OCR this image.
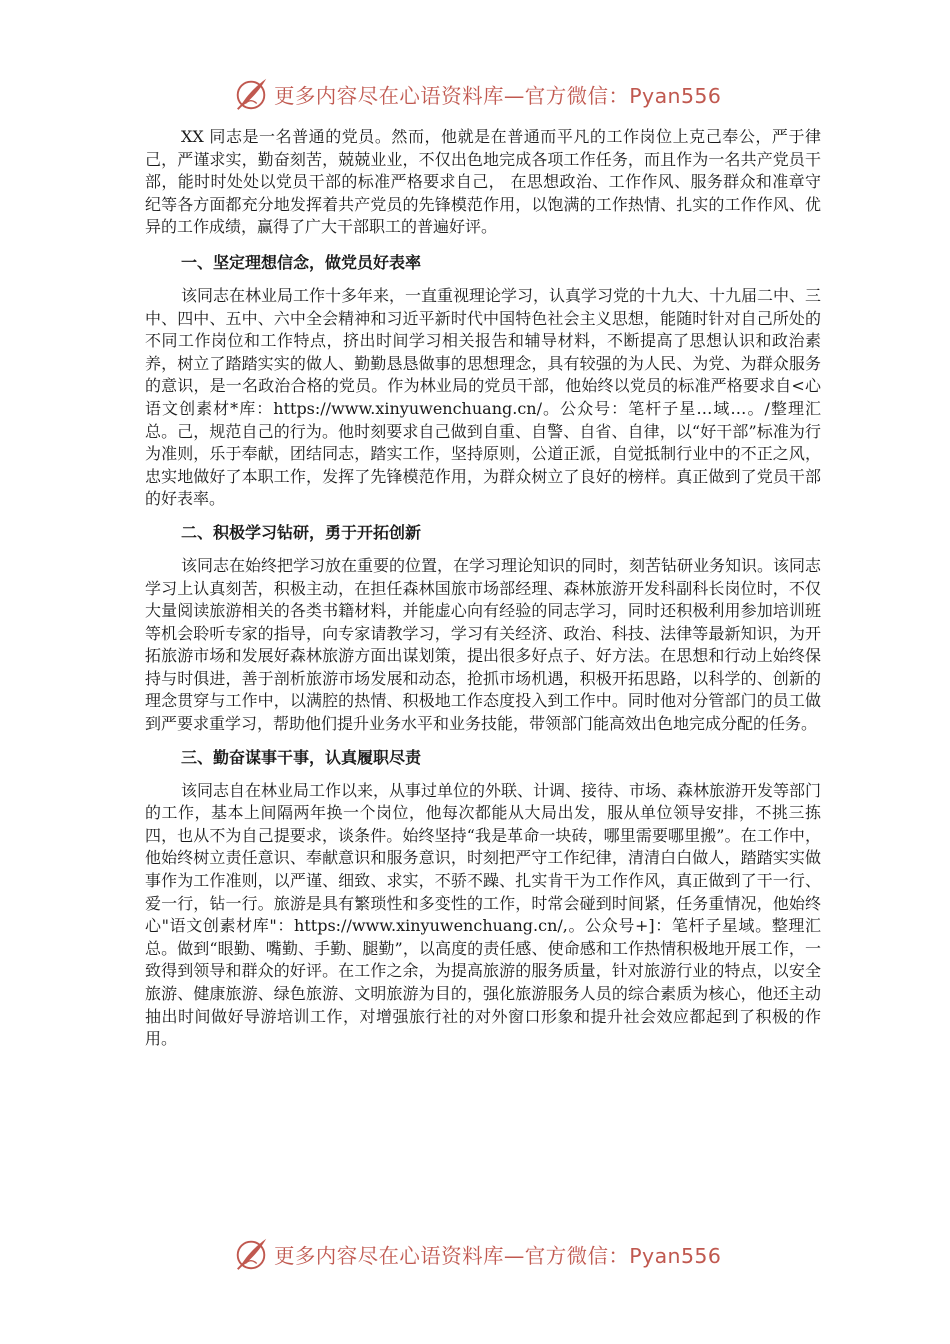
更多内容尽在心语资料库—官方微信：Pyan556

XX 同志是一名普通的党员。然而，他就是在普通而平凡的工作岗位上克己奉公，严于律己，严谨求实，勤奋刻苦，兢兢业业，不仅出色地完成各项工作任务，而且作为一名共产党员干部，能时时处处以党员干部的标准严格要求自己， 在思想政治、工作作风、服务群众和准章守纪等各方面都充分地发挥着共产党员的先锋模范作用，以饱满的工作热情、扎实的工作作风、优异的工作成绩，赢得了广大干部职工的普遍好评。

一、坚定理想信念，做党员好表率

该同志在林业局工作十多年来，一直重视理论学习，认真学习党的十九大、十九届二中、三中、四中、五中、六中全会精神和习近平新时代中国特色社会主义思想，能随时针对自己所处的不同工作岗位和工作特点，挤出时间学习相关报告和辅导材料，不断提高了思想认识和政治素养，树立了踏踏实实的做人、勤勤恳恳做事的思想理念，具有较强的为人民、为党、为群众服务的意识，是一名政治合格的党员。作为林业局的党员干部，他始终以党员的标准严格要求自<心语文创素材*库：https://www.xinyuwenchuang.cn/。公众号：笔杆子星…域…。/整理汇总。己，规范自己的行为。他时刻要求自己做到自重、自警、自省、自律，以“好干部”标准为行为准则，乐于奉献，团结同志，踏实工作，坚持原则，公道正派，自觉抵制行业中的不正之风，忠实地做好了本职工作，发挥了先锋模范作用，为群众树立了良好的榜样。真正做到了党员干部的好表率。

二、积极学习钻研，勇于开拓创新

该同志在始终把学习放在重要的位置，在学习理论知识的同时，刻苦钻研业务知识。该同志学习上认真刻苦，积极主动，在担任森林国旅市场部经理、森林旅游开发科副科长岗位时，不仅大量阅读旅游相关的各类书籍材料，并能虚心向有经验的同志学习，同时还积极利用参加培训班等机会聆听专家的指导，向专家请教学习，学习有关经济、政治、科技、法律等最新知识，为开拓旅游市场和发展好森林旅游方面出谋划策，提出很多好点子、好方法。在思想和行动上始终保持与时俱进，善于剖析旅游市场发展和动态，抢抓市场机遇，积极开拓思路，以科学的、创新的理念贯穿与工作中，以满腔的热情、积极地工作态度投入到工作中。同时他对分管部门的员工做到严要求重学习，帮助他们提升业务水平和业务技能，带领部门能高效出色地完成分配的任务。

三、勤奋谋事干事，认真履职尽责

该同志自在林业局工作以来，从事过单位的外联、计调、接待、市场、森林旅游开发等部门的工作，基本上间隔两年换一个岗位，他每次都能从大局出发，服从单位领导安排，不挑三拣四，也从不为自己提要求，谈条件。始终坚持“我是革命一块砖，哪里需要哪里搬”。在工作中，他始终树立责任意识、奉献意识和服务意识，时刻把严守工作纪律，清清白白做人，踏踏实实做事作为工作准则，以严谨、细致、求实，不骄不躁、扎实肯干为工作作风，真正做到了干一行、爱一行，钻一行。旅游是具有繁琐性和多变性的工作，时常会碰到时间紧，任务重情况，他始终心"语文创素材库"：https://www.xinyuwenchuang.cn/,。公众号+]：笔杆子星域。整理汇总。做到“眼勤、嘴勤、手勤、腿勤”，以高度的责任感、使命感和工作热情积极地开展工作，一致得到领导和群众的好评。在工作之余，为提高旅游的服务质量，针对旅游行业的特点，以安全旅游、健康旅游、绿色旅游、文明旅游为目的，强化旅游服务人员的综合素质为核心，他还主动抽出时间做好导游培训工作，对增强旅行社的对外窗口形象和提升社会效应都起到了积极的作用。

更多内容尽在心语资料库—官方微信：Pyan556
